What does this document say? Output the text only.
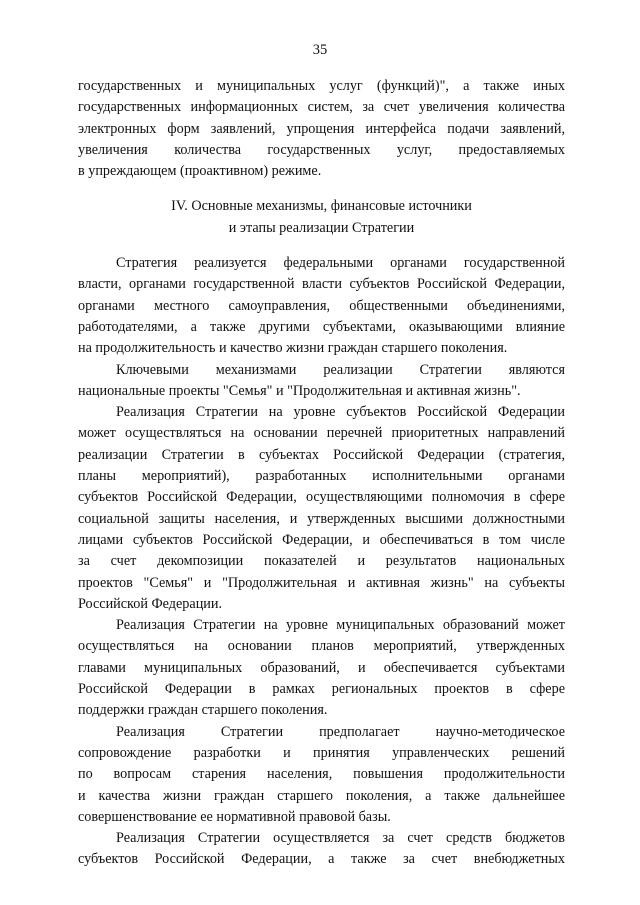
35
государственных и муниципальных услуг (функций)", а также иных
государственных информационных систем, за счет увеличения количества
электронных форм заявлений, упрощения интерфейса подачи заявлений,
увеличения количества государственных услуг, предоставляемых
в упреждающем (проактивном) режиме.
IV. Основные механизмы, финансовые источники
и этапы реализации Стратегии
Стратегия реализуется федеральными органами государственной
власти, органами государственной власти субъектов Российской Федерации,
органами местного самоуправления, общественными объединениями,
работодателями, а также другими субъектами, оказывающими влияние
на продолжительность и качество жизни граждан старшего поколения.
Ключевыми механизмами реализации Стратегии являются
национальные проекты "Семья" и "Продолжительная и активная жизнь".
Реализация Стратегии на уровне субъектов Российской Федерации
может осуществляться на основании перечней приоритетных направлений
реализации Стратегии в субъектах Российской Федерации (стратегия,
планы мероприятий), разработанных исполнительными органами
субъектов Российской Федерации, осуществляющими полномочия в сфере
социальной защиты населения, и утвержденных высшими должностными
лицами субъектов Российской Федерации, и обеспечиваться в том числе
за счет декомпозиции показателей и результатов национальных
проектов "Семья" и "Продолжительная и активная жизнь" на субъекты
Российской Федерации.
Реализация Стратегии на уровне муниципальных образований может
осуществляться на основании планов мероприятий, утвержденных
главами муниципальных образований, и обеспечивается субъектами
Российской Федерации в рамках региональных проектов в сфере
поддержки граждан старшего поколения.
Реализация Стратегии предполагает научно-методическое
сопровождение разработки и принятия управленческих решений
по вопросам старения населения, повышения продолжительности
и качества жизни граждан старшего поколения, а также дальнейшее
совершенствование ее нормативной правовой базы.
Реализация Стратегии осуществляется за счет средств бюджетов
субъектов Российской Федерации, а также за счет внебюджетных
